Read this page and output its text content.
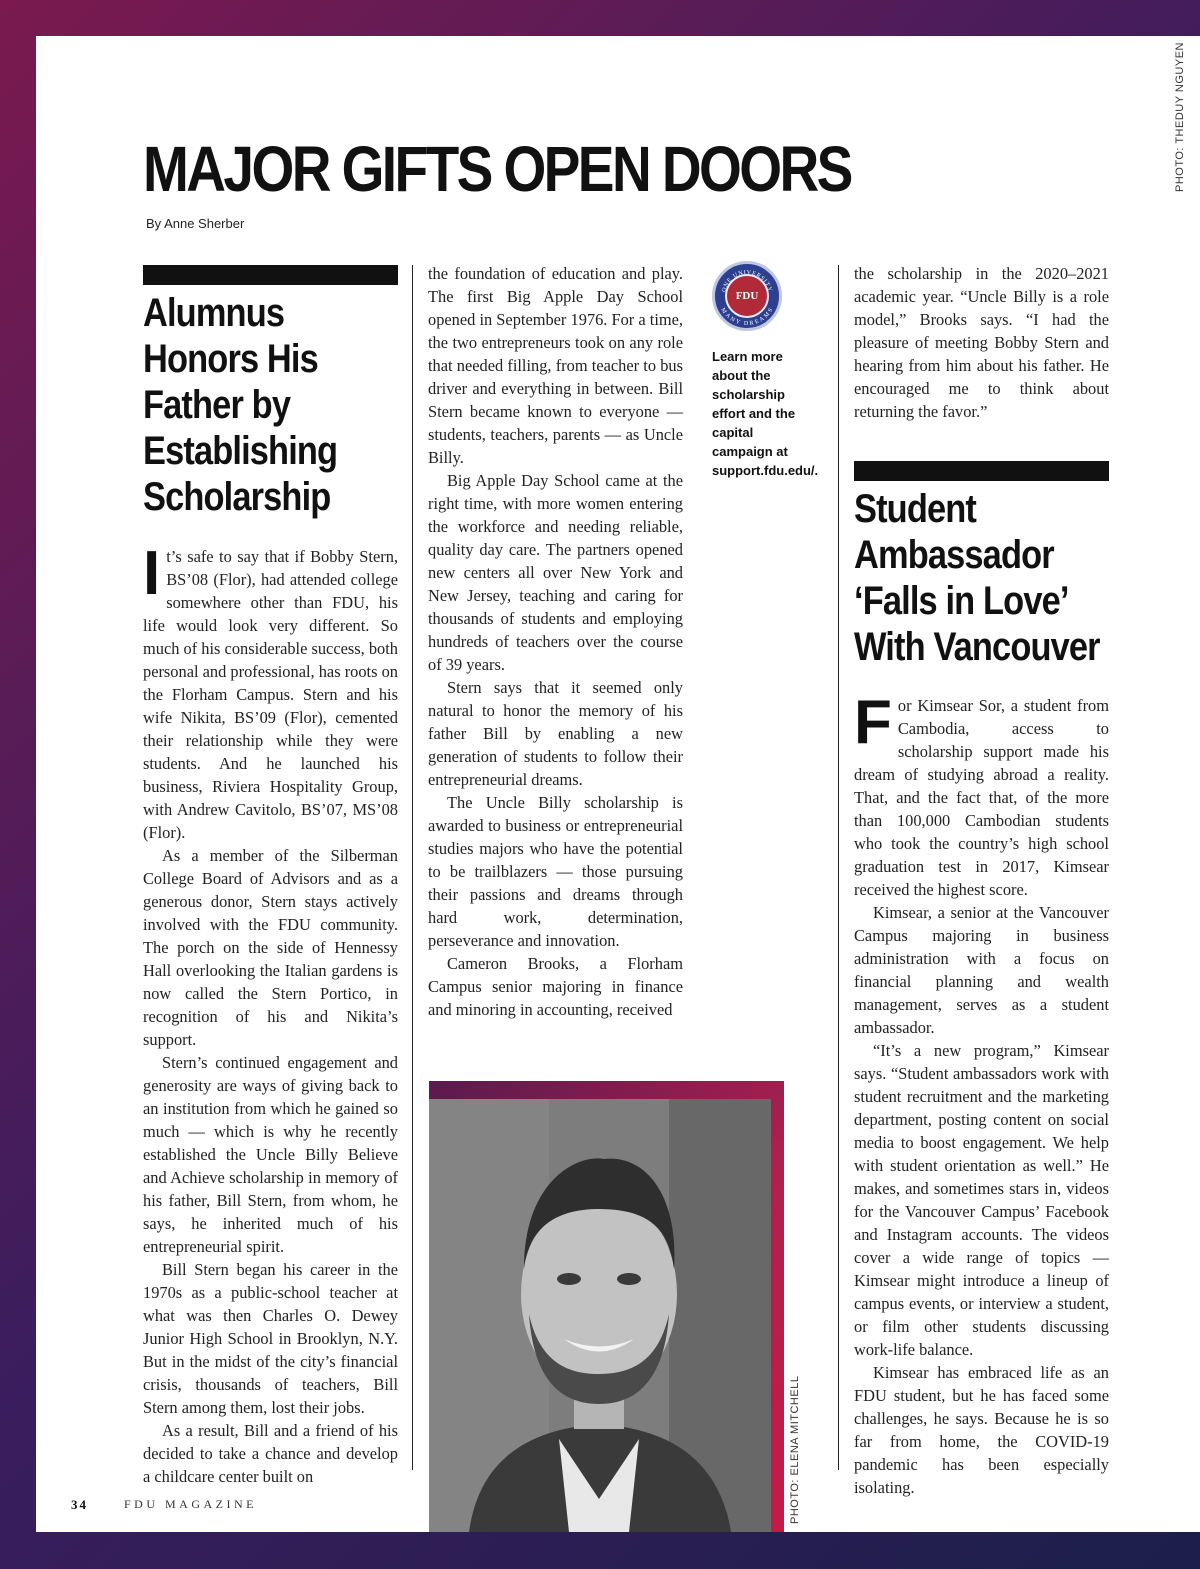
PHOTO: THEDUY NGUYEN
MAJOR GIFTS OPEN DOORS
By Anne Sherber
Alumnus Honors His Father by Establishing Scholarship

It’s safe to say that if Bobby Stern, BS’08 (Flor), had attended college somewhere other than FDU, his life would look very different. So much of his considerable success, both personal and professional, has roots on the Florham Campus. Stern and his wife Nikita, BS’09 (Flor), cemented their relationship while they were students. And he launched his business, Riviera Hospitality Group, with Andrew Cavitolo, BS’07, MS’08 (Flor).

As a member of the Silberman College Board of Advisors and as a generous donor, Stern stays actively involved with the FDU community. The porch on the side of Hennessy Hall overlooking the Italian gardens is now called the Stern Portico, in recognition of his and Nikita’s support.

Stern’s continued engagement and generosity are ways of giving back to an institution from which he gained so much — which is why he recently established the Uncle Billy Believe and Achieve scholarship in memory of his father, Bill Stern, from whom, he says, he inherited much of his entrepreneurial spirit.

Bill Stern began his career in the 1970s as a public-school teacher at what was then Charles O. Dewey Junior High School in Brooklyn, N.Y. But in the midst of the city’s financial crisis, thousands of teachers, Bill Stern among them, lost their jobs.

As a result, Bill and a friend of his decided to take a chance and develop a childcare center built on

the foundation of education and play. The first Big Apple Day School opened in September 1976. For a time, the two entrepreneurs took on any role that needed filling, from teacher to bus driver and everything in between. Bill Stern became known to everyone — students, teachers, parents — as Uncle Billy.

Big Apple Day School came at the right time, with more women entering the workforce and needing reliable, quality day care. The partners opened new centers all over New York and New Jersey, teaching and caring for thousands of students and employing hundreds of teachers over the course of 39 years.

Stern says that it seemed only natural to honor the memory of his father Bill by enabling a new generation of students to follow their entrepreneurial dreams.

The Uncle Billy scholarship is awarded to business or entrepreneurial studies majors who have the potential to be trailblazers — those pursuing their passions and dreams through hard work, determination, perseverance and innovation.

Cameron Brooks, a Florham Campus senior majoring in finance and minoring in accounting, received

FDU
ONE UNIVERSITY
MANY DREAMS
Learn more about the scholarship effort and the capital campaign at support.fdu.edu/.

the scholarship in the 2020–2021 academic year. “Uncle Billy is a role model,” Brooks says. “I had the pleasure of meeting Bobby Stern and hearing from him about his father. He encouraged me to think about returning the favor.”

Student Ambassador ‘Falls in Love’ With Vancouver

For Kimsear Sor, a student from Cambodia, access to scholarship support made his dream of studying abroad a reality. That, and the fact that, of the more than 100,000 Cambodian students who took the country’s high school graduation test in 2017, Kimsear received the highest score.

Kimsear, a senior at the Vancouver Campus majoring in business administration with a focus on financial planning and wealth management, serves as a student ambassador.

“It’s a new program,” Kimsear says. “Student ambassadors work with student recruitment and the marketing department, posting content on social media to boost engagement. We help with student orientation as well.” He makes, and sometimes stars in, videos for the Vancouver Campus’ Facebook and Instagram accounts. The videos cover a wide range of topics — Kimsear might introduce a lineup of campus events, or interview a student, or film other students discussing work-life balance.

Kimsear has embraced life as an FDU student, but he has faced some challenges, he says. Because he is so far from home, the COVID-19 pandemic has been especially isolating.

PHOTO: ELENA MITCHELL
34	FDU MAGAZINE
